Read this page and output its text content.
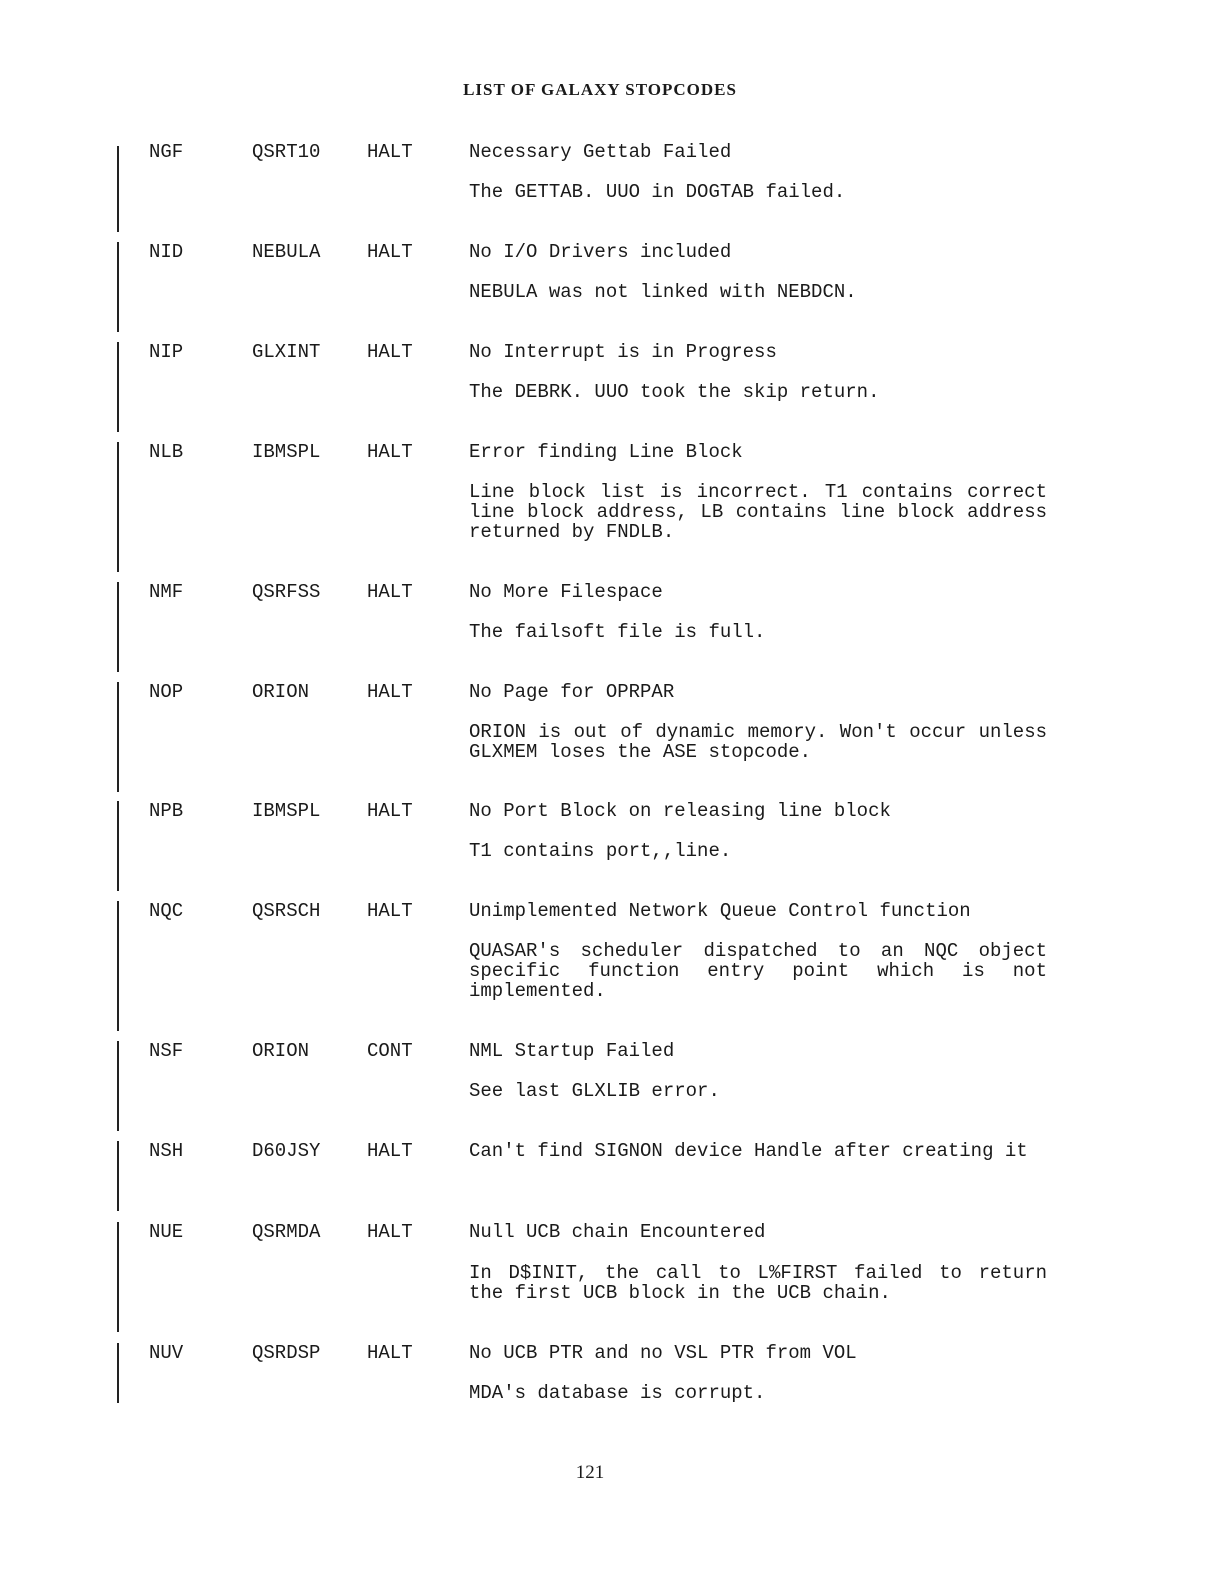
LIST OF GALAXY STOPCODES
NGF	QSRT10 HALT	Necessary Gettab Failed
The GETTAB. UUO in DOGTAB failed.
NID	NEBULA HALT	No I/O Drivers included
NEBULA was not linked with NEBDCN.
NIP	GLXINT HALT	No Interrupt is in Progress
The DEBRK. UUO took the skip return.
NLB	IBMSPL HALT	Error finding Line Block
Line block list is incorrect. T1 contains correct line block address, LB contains line block address returned by FNDLB.
NMF	QSRFSS HALT	No More Filespace
The failsoft file is full.
NOP	ORION	HALT	No Page for OPRPAR
ORION is out of dynamic memory. Won't occur unless GLXMEM loses the ASE stopcode.
NPB	IBMSPL HALT	No Port Block on releasing line block
T1 contains port,,line.
NQC	QSRSCH HALT	Unimplemented Network Queue Control function
QUASAR's scheduler dispatched to an NQC object specific function entry point which is not implemented.
NSF	ORION	CONT	NML Startup Failed
See last GLXLIB error.
NSH	D60JSY HALT	Can't find SIGNON device Handle after creating it
NUE	QSRMDA HALT	Null UCB chain Encountered
In D$INIT, the call to L%FIRST failed to return the first UCB block in the UCB chain.
NUV	QSRDSP HALT	No UCB PTR and no VSL PTR from VOL
MDA's database is corrupt.
121
